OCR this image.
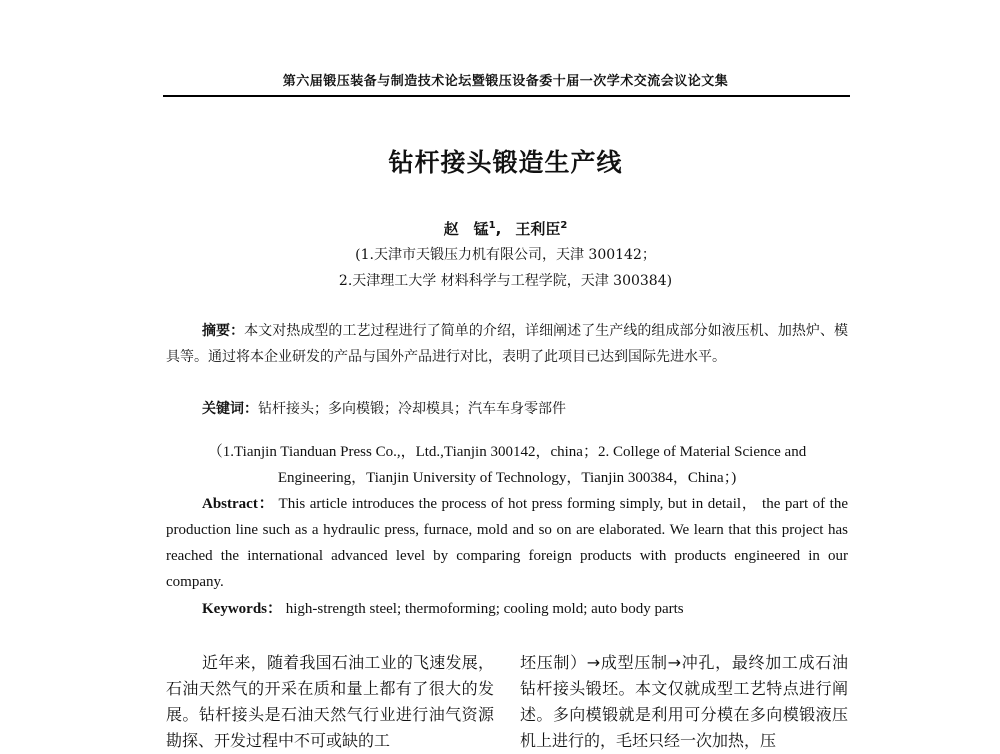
第六届锻压装备与制造技术论坛暨锻压设备委十届一次学术交流会议论文集
钻杆接头锻造生产线
赵　锰$^1$, 王利臣$^2$
(1.天津市天锻压力机有限公司，天津 300142；
2.天津理工大学 材料科学与工程学院，天津 300384)
摘要：本文对热成型的工艺过程进行了简单的介绍，详细阐述了生产线的组成部分如液压机、加热炉、模具等。通过将本企业研发的产品与国外产品进行对比，表明了此项目已达到国际先进水平。
关键词：钻杆接头；多向模锻；冷却模具；汽车车身零部件
（1.Tianjin Tianduan Press Co.,，Ltd.,Tianjin 300142，china；2. College of Material Science and Engineering，Tianjin University of Technology，Tianjin 300384，China；)
Abstract： This article introduces the process of hot press forming simply, but in detail， the part of the production line such as a hydraulic press, furnace, mold and so on are elaborated. We learn that this project has reached the international advanced level by comparing foreign products with products engineered in our company.
Keywords： high-strength steel; thermoforming; cooling mold; auto body parts
近年来，随着我国石油工业的飞速发展，石油天然气的开采在质和量上都有了很大的发展。钻杆接头是石油天然气行业进行油气资源勘探、开发过程中不可或缺的工
坯压制）→成型压制→冲孔，最终加工成石油钻杆接头锻坯。本文仅就成型工艺特点进行阐述。多向模锻就是利用可分模在多向模锻液压机上进行的，毛坯只经一次加热，压
